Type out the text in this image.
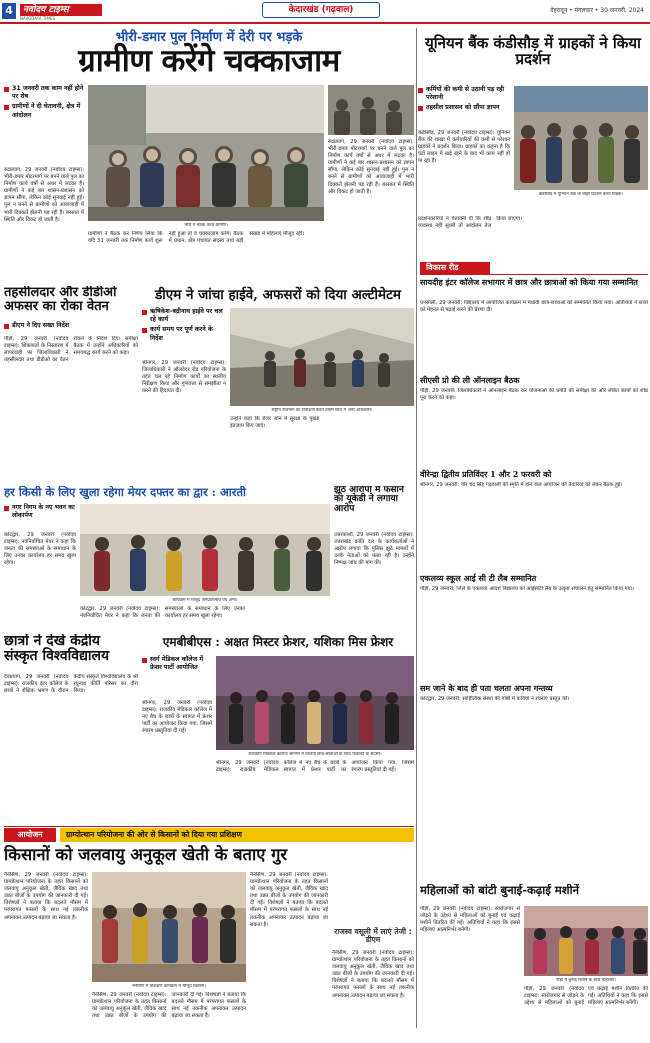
4	नवोदय टाइम्स
NAVODAYA TIMES
केदारखंड (गढ़वाल)	देहरादून • मंगलवार • 30 जनवरी, 2024
भीरी-डमार पुल निर्माण में देरी पर भड़के
ग्रामीण करेंगे चक्काजाम
31 जनवरी तक काम नहीं होने पर रोष
ग्रामीणों ने दी चेतावनी, क्षेत्र में आंदोलन
रुद्रप्रयाग, 29 जनवरी (नवोदय टाइम्स): भीरी-डमार मोटरमार्ग पर बनने वाले पुल का निर्माण कार्य वर्षों से अधर में लटका है। ग्रामीणों ने कई बार शासन-प्रशासन को ज्ञापन सौंपा, लेकिन कोई सुनवाई नहीं हुई। पुल न बनने से ग्रामीणों को आवाजाही में भारी दिक्कतें झेलनी पड़ रही हैं। बरसात में स्थिति और विकट हो जाती है।
भीरी में बैठक करते ग्रामीण।
ग्रामीणों ने बैठक कर निर्णय लिया कि यदि 31 जनवरी तक निर्माण कार्य शुरू नहीं हुआ तो वे चक्काजाम करेंगे। बैठक में प्रधान, क्षेत्र पंचायत सदस्य तथा बड़ी संख्या में महिलाएं मौजूद रहीं।
रुद्रप्रयाग, 29 जनवरी (नवोदय टाइम्स): भीरी-डमार मोटरमार्ग पर बनने वाले पुल का निर्माण कार्य वर्षों से अधर में लटका है। ग्रामीणों ने कई बार शासन-प्रशासन को ज्ञापन सौंपा, लेकिन कोई सुनवाई नहीं हुई। पुल न बनने से ग्रामीणों को आवाजाही में भारी दिक्कतें झेलनी पड़ रही हैं। बरसात में स्थिति और विकट हो जाती है।
यूनियन बैंक कंडीसौड़ में ग्राहकों ने किया प्रदर्शन
कर्मियों की कमी से उठानी पड़ रही परेशानी
तहसील प्रशासन को सौंपा ज्ञापन
कंडीसौड़, 29 जनवरी (नवोदय टाइम्स): यूनियन बैंक की शाखा में कर्मचारियों की कमी से परेशान ग्राहकों ने प्रदर्शन किया। ग्राहकों का कहना है कि घंटों लाइन में खड़े रहने के बाद भी काम नहीं हो पा रहा है।
कंडीसौड़ में यूनियन बैंक के बाहर प्रदर्शन करते ग्राहक।
प्रदर्शनकारियों ने चेतावनी दी कि शीघ्र व्यवस्था नहीं सुधरी तो आंदोलन तेज किया जाएगा।
तहसीलदार और डीडीओ अफसर का रोका वेतन
डीएम ने दिए सख्त निर्देश
पौड़ी, 29 जनवरी (नवोदय टाइम्स): शिकायतों के निस्तारण में लापरवाही पर जिलाधिकारी ने तहसीलदार तथा डीडीओ का वेतन रोकने के निर्देश दिए। समीक्षा बैठक में उन्होंने अधिकारियों को समयबद्ध कार्य करने को कहा।
डीएम ने जांचा हाईवे, अफसरों को दिया अल्टीमेटम
ऋषिकेश-बद्रीनाथ हाईवे पर चल रहे कार्य
कार्य समय पर पूर्ण करने के निर्देश
श्रीनगर, 29 जनवरी (नवोदय टाइम्स): जिलाधिकारी ने ऑलवेदर रोड परियोजना के तहत चल रहे निर्माण कार्यों का स्थलीय निरीक्षण किया और गुणवत्ता से समझौता न करने की हिदायत दी।
राष्ट्रीय राजमार्ग का निरीक्षण करते डीएम साथ में अन्य अधिकारी।
उन्होंने कहा कि डेंजर जोन में सुरक्षा के पुख्ता इंतजाम किए जाएं।
हर किसी के लिए खुला रहेगा मेयर दफ्तर का द्वार : आरती
नगर निगम के नए भवन का लोकार्पण
कोटद्वार, 29 जनवरी (नवोदय टाइम्स): नवनिर्वाचित मेयर ने कहा कि जनता की समस्याओं के समाधान के लिए उनका कार्यालय हर समय खुला रहेगा।
कार्यक्रम में मौजूद जनप्रतिनिधि एवं अन्य।
कोटद्वार, 29 जनवरी (नवोदय टाइम्स): नवनिर्वाचित मेयर ने कहा कि जनता की समस्याओं के समाधान के लिए उनका कार्यालय हर समय खुला रहेगा।
झूठे आरोपों में फंसाने का यूकेडी ने लगाया आरोप
उत्तरकाशी, 29 जनवरी (नवोदय टाइम्स): उत्तराखंड क्रांति दल के कार्यकर्ताओं ने आरोप लगाया कि पुलिस झूठे मामलों में उनके नेताओं को फंसा रही है। उन्होंने निष्पक्ष जांच की मांग की।
छात्रों ने देखे केंद्रीय संस्कृत विश्वविद्यालय
देवप्रयाग, 29 जनवरी (नवोदय टाइम्स): राजकीय इंटर कॉलेज के छात्रों ने शैक्षिक भ्रमण के दौरान केंद्रीय संस्कृत विश्वविद्यालय के श्री रघुनाथ कीर्ति परिसर का दौरा किया।
एमबीबीएस : अक्षत मिस्टर फ्रेशर, यशिका मिस फ्रेशर
स्वर्ग मेडिकल कॉलेज में फ्रेशर पार्टी आयोजित
श्रीनगर, 29 जनवरी (नवोदय टाइम्स): राजकीय मेडिकल कॉलेज में नए बैच के छात्रों के स्वागत में फ्रेशर पार्टी का आयोजन किया गया, जिसमें रंगारंग प्रस्तुतियां दी गईं।
राजकीय मेडिकल कॉलेज श्रीनगर में विजेता छात्र-छात्राओं के साथ फैकल्टी के सदस्य।
श्रीनगर, 29 जनवरी (नवोदय टाइम्स): राजकीय मेडिकल कॉलेज में नए बैच के छात्रों के स्वागत में फ्रेशर पार्टी का आयोजन किया गया, जिसमें रंगारंग प्रस्तुतियां दी गईं।
विकास रीड
सायदीह इंटर कॉलेज सभागार में छात्र और छात्राओं को किया गया सम्मानित
घनसाली, 29 जनवरी: विद्यालय में आयोजित कार्यक्रम में मेधावी छात्र-छात्राओं को सम्मानित किया गया। अतिथियों ने छात्रों को मेहनत से पढ़ाई करने की प्रेरणा दी।
सीएसी प्रो की ली ऑनलाइन बैठक
पौड़ी, 29 जनवरी: जिलाधिकारी ने ऑनलाइन बैठक कर योजनाओं की प्रगति की समीक्षा की और लंबित कार्यों को शीघ्र पूरा करने को कहा।
वीरेन्द्रा द्वितीय प्रतिविंदर 1 और 2 फरवरी को
श्रीनगर, 29 जनवरी: वीर चंद्र सिंह गढ़वाली की स्मृति में होने वाले आयोजन की तैयारियों को लेकर बैठक हुई।
एकलव्य स्कूल आई सी टी लैब सम्मानित
पौड़ी, 29 जनवरी: जिले के एकलव्य आदर्श विद्यालय को आईसीटी लैब के उत्कृष्ट संचालन हेतु सम्मानित किया गया।
सम जाने के बाद ही पता चलता अपना गन्तव्य
कोटद्वार, 29 जनवरी: साहित्यिक संस्था की गोष्ठी में कवियों ने रचनाएं प्रस्तुत कीं।
आयोजन	ग्राम्योत्थान परियोजना की ओर से किसानों को दिया गया प्रशिक्षण
किसानों को जलवायु अनुकूल खेती के बताए गुर
नैनीसैण, 29 जनवरी (नवोदय टाइम्स): ग्राम्योत्थान परियोजना के तहत किसानों को जलवायु अनुकूल खेती, जैविक खाद तथा उन्नत बीजों के उपयोग की जानकारी दी गई। विशेषज्ञों ने बताया कि बदलते मौसम में परंपरागत फसलों के साथ नई तकनीक अपनाकर उत्पादन बढ़ाया जा सकता है।
नैनीसैण में प्रशिक्षण कार्यक्रम में मौजूद किसान।
नैनीसैण, 29 जनवरी (नवोदय टाइम्स): ग्राम्योत्थान परियोजना के तहत किसानों को जलवायु अनुकूल खेती, जैविक खाद तथा उन्नत बीजों के उपयोग की जानकारी दी गई। विशेषज्ञों ने बताया कि बदलते मौसम में परंपरागत फसलों के साथ नई तकनीक अपनाकर उत्पादन बढ़ाया जा सकता है।
नैनीसैण, 29 जनवरी (नवोदय टाइम्स): ग्राम्योत्थान परियोजना के तहत किसानों को जलवायु अनुकूल खेती, जैविक खाद तथा उन्नत बीजों के उपयोग की जानकारी दी गई। विशेषज्ञों ने बताया कि बदलते मौसम में परंपरागत फसलों के साथ नई तकनीक अपनाकर उत्पादन बढ़ाया जा सकता है।
राजस्व वसूली में लाएं तेजी : डीएम
नैनीसैण, 29 जनवरी (नवोदय टाइम्स): ग्राम्योत्थान परियोजना के तहत किसानों को जलवायु अनुकूल खेती, जैविक खाद तथा उन्नत बीजों के उपयोग की जानकारी दी गई। विशेषज्ञों ने बताया कि बदलते मौसम में परंपरागत फसलों के साथ नई तकनीक अपनाकर उत्पादन बढ़ाया जा सकता है।
महिलाओं को बांटी बुनाई-कढ़ाई मशीनें
पौड़ी, 29 जनवरी (नवोदय टाइम्स): स्वरोजगार से जोड़ने के उद्देश्य से महिलाओं को बुनाई एवं कढ़ाई मशीनें वितरित की गईं। अतिथियों ने कहा कि इससे महिलाएं आत्मनिर्भर बनेंगी।
पौड़ी में बुनाई मशीन के साथ महिलाएं।
पौड़ी, 29 जनवरी (नवोदय टाइम्स): स्वरोजगार से जोड़ने के उद्देश्य से महिलाओं को बुनाई एवं कढ़ाई मशीनें वितरित की गईं। अतिथियों ने कहा कि इससे महिलाएं आत्मनिर्भर बनेंगी।
